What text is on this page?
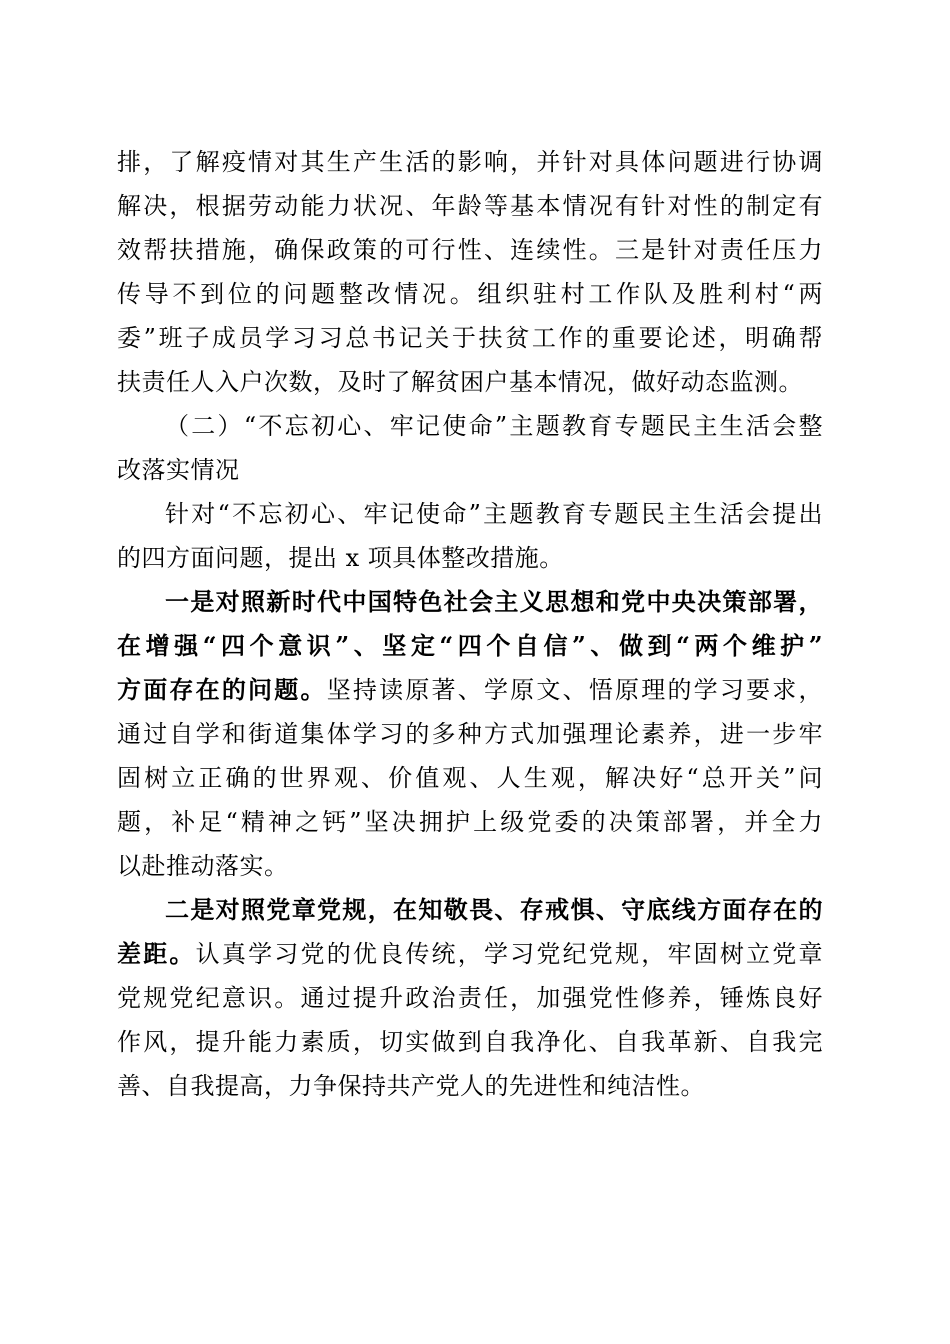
排，了解疫情对其生产生活的影响，并针对具体问题进行协调
解决，根据劳动能力状况、年龄等基本情况有针对性的制定有
效帮扶措施，确保政策的可行性、连续性。三是针对责任压力
传导不到位的问题整改情况。组织驻村工作队及胜利村“两
委”班子成员学习习总书记关于扶贫工作的重要论述，明确帮
扶责任人入户次数，及时了解贫困户基本情况，做好动态监测。
（二）“不忘初心、牢记使命”主题教育专题民主生活会整
改落实情况
针对“不忘初心、牢记使命”主题教育专题民主生活会提出
的四方面问题，提出 x 项具体整改措施。
一是对照新时代中国特色社会主义思想和党中央决策部署，
在增强“四个意识”、坚定“四个自信”、做到“两个维护”
方面存在的问题。坚持读原著、学原文、悟原理的学习要求，
通过自学和街道集体学习的多种方式加强理论素养，进一步牢
固树立正确的世界观、价值观、人生观，解决好“总开关”问
题，补足“精神之钙”坚决拥护上级党委的决策部署，并全力
以赴推动落实。
二是对照党章党规，在知敬畏、存戒惧、守底线方面存在的
差距。认真学习党的优良传统，学习党纪党规，牢固树立党章
党规党纪意识。通过提升政治责任，加强党性修养，锤炼良好
作风，提升能力素质，切实做到自我净化、自我革新、自我完
善、自我提高，力争保持共产党人的先进性和纯洁性。
